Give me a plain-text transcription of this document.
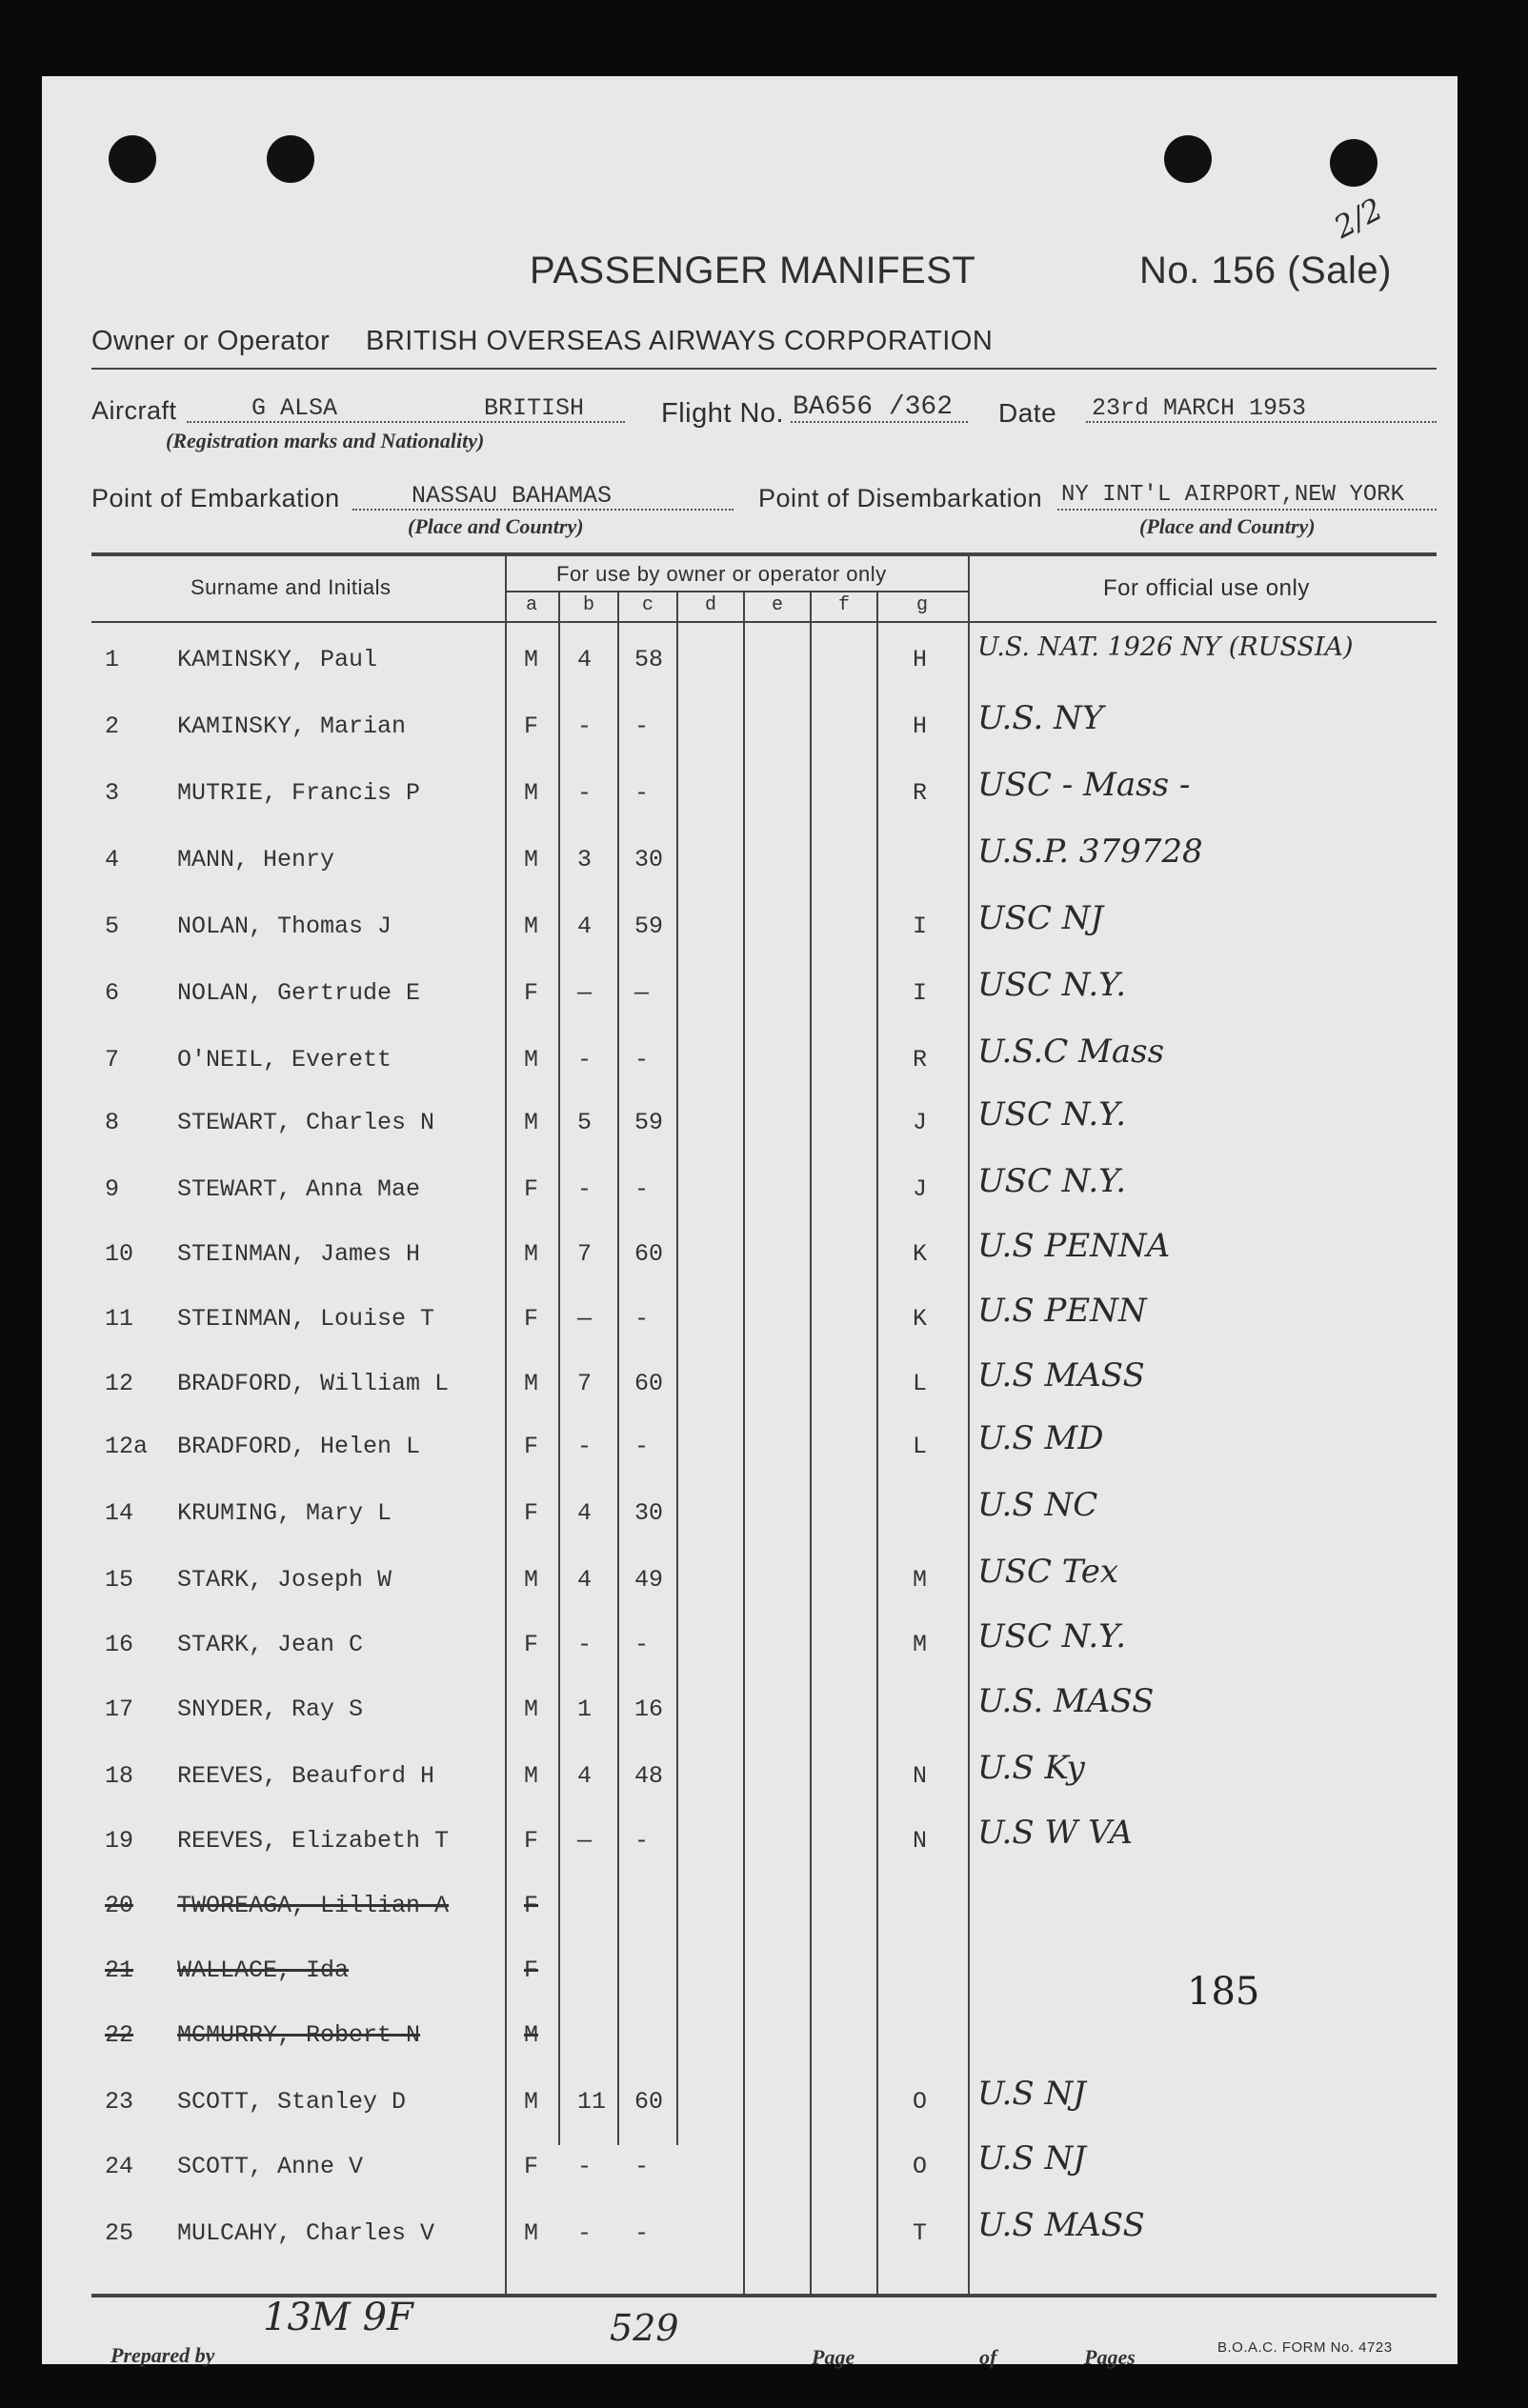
2/2
PASSENGER MANIFEST	No. 156 (Sale)
Owner or Operator BRITISH OVERSEAS AIRWAYS CORPORATION
Aircraft	G ALSA	BRITISH
(Registration marks and Nationality)
Flight No. BA656 /362 Date 23rd MARCH 1953
Point of Embarkation	NASSAU BAHAMAS
(Place and Country)
Point of Disembarkation NY INT'L AIRPORT,NEW YORK
(Place and Country)
Surname and Initials
For use by owner or operator only
For official use only
a b c	d	e	f	g
1 KAMINSKY, Paul	M 4 58	H U.S. NAT. 1926 NY (RUSSIA)
2 KAMINSKY, Marian	F - -	H U.S. NY
3 MUTRIE, Francis P	M - -	R USC - Mass -
4 MANN, Henry	M 3 30	U.S.P. 379728
5 NOLAN, Thomas J	M 4 59	I USC NJ
6 NOLAN, Gertrude E	F — —	I USC N.Y.
7 O'NEIL, Everett	M - -	R U.S.C Mass
8 STEWART, Charles N	M 5 59	J USC N.Y.
9 STEWART, Anna Mae	F - -	J USC N.Y.
10 STEINMAN, James H	M 7 60	K U.S PENNA
11 STEINMAN, Louise T	F — -	K U.S PENN
12 BRADFORD, William L	M 7 60	L U.S MASS
12a BRADFORD, Helen L	F - -	L U.S MD
14 KRUMING, Mary L	F 4 30	U.S NC
15 STARK, Joseph W	M 4 49	M USC Tex
16 STARK, Jean C	F - -	M USC N.Y.
17 SNYDER, Ray S	M 1 16	U.S. MASS
18 REEVES, Beauford H	M 4 48	N U.S Ky
19 REEVES, Elizabeth T	F — -	N U.S W VA
20 TWOREAGA, Lillian A	F
21 WALLACE, Ida	F
22 MCMURRY, Robert N	M
23 SCOTT, Stanley D	M 11 60	O U.S NJ
24 SCOTT, Anne V	F - -	O U.S NJ
25 MULCAHY, Charles V	M - -	T U.S MASS
185
Prepared by
13M 9F	529
Page	of	Pages	B.O.A.C. FORM No. 4723
